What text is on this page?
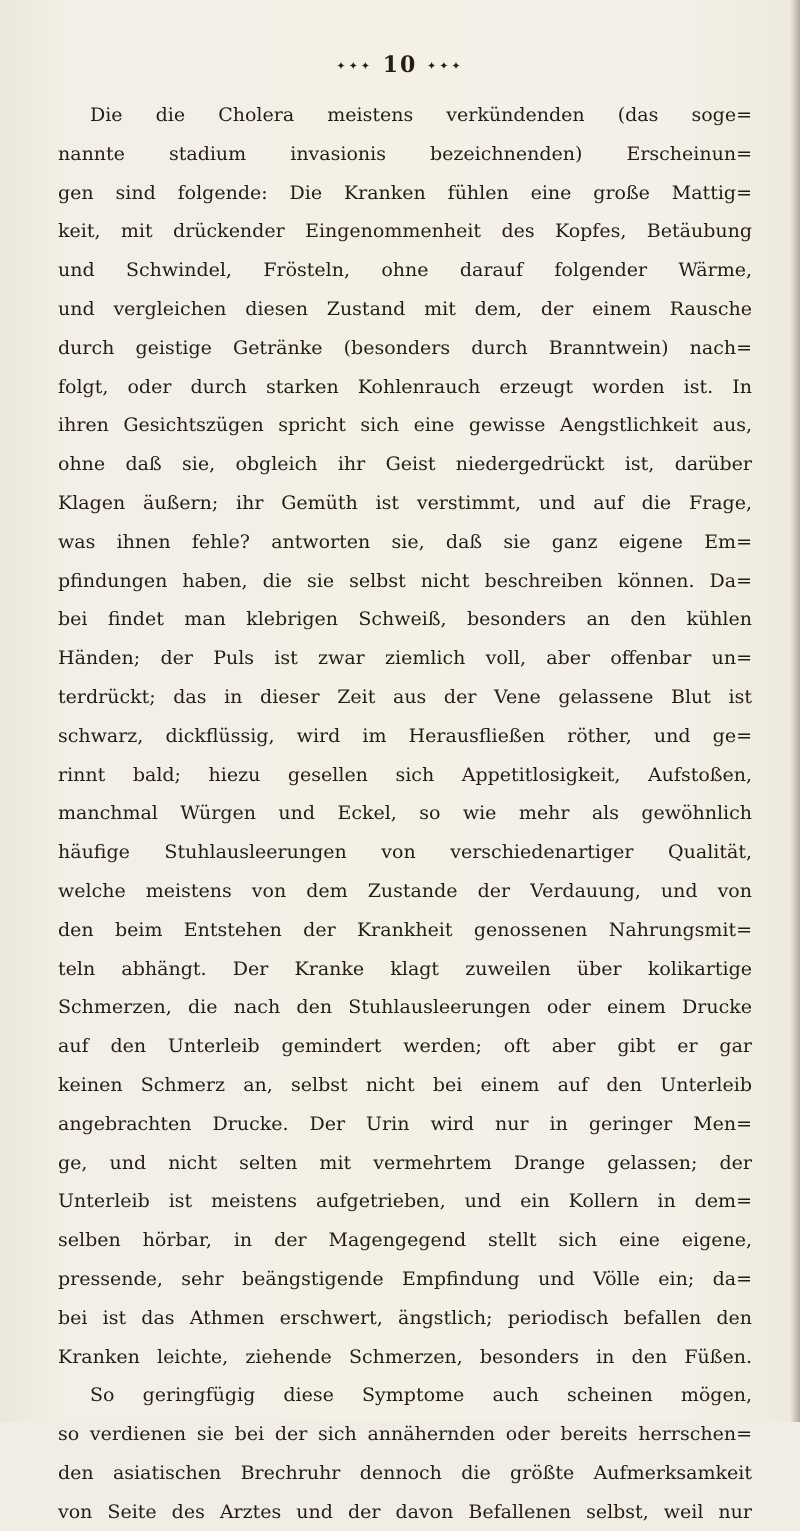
✦✦✦ 10 ✦✦✦
Die die Cholera meistens verkündenden (das soge=
nannte stadium invasionis bezeichnenden) Erscheinun=
gen sind folgende: Die Kranken fühlen eine große Mattig=
keit, mit drückender Eingenommenheit des Kopfes, Betäubung
und Schwindel, Frösteln, ohne darauf folgender Wärme,
und vergleichen diesen Zustand mit dem, der einem Rausche
durch geistige Getränke (besonders durch Branntwein) nach=
folgt, oder durch starken Kohlenrauch erzeugt worden ist. In
ihren Gesichtszügen spricht sich eine gewisse Aengstlichkeit aus,
ohne daß sie, obgleich ihr Geist niedergedrückt ist, darüber
Klagen äußern; ihr Gemüth ist verstimmt, und auf die Frage,
was ihnen fehle? antworten sie, daß sie ganz eigene Em=
pfindungen haben, die sie selbst nicht beschreiben können. Da=
bei findet man klebrigen Schweiß, besonders an den kühlen
Händen; der Puls ist zwar ziemlich voll, aber offenbar un=
terdrückt; das in dieser Zeit aus der Vene gelassene Blut ist
schwarz, dickflüssig, wird im Herausfließen röther, und ge=
rinnt bald; hiezu gesellen sich Appetitlosigkeit, Aufstoßen,
manchmal Würgen und Eckel, so wie mehr als gewöhnlich
häufige Stuhlausleerungen von verschiedenartiger Qualität,
welche meistens von dem Zustande der Verdauung, und von
den beim Entstehen der Krankheit genossenen Nahrungsmit=
teln abhängt. Der Kranke klagt zuweilen über kolikartige
Schmerzen, die nach den Stuhlausleerungen oder einem Drucke
auf den Unterleib gemindert werden; oft aber gibt er gar
keinen Schmerz an, selbst nicht bei einem auf den Unterleib
angebrachten Drucke. Der Urin wird nur in geringer Men=
ge, und nicht selten mit vermehrtem Drange gelassen; der
Unterleib ist meistens aufgetrieben, und ein Kollern in dem=
selben hörbar, in der Magengegend stellt sich eine eigene,
pressende, sehr beängstigende Empfindung und Völle ein; da=
bei ist das Athmen erschwert, ängstlich; periodisch befallen den
Kranken leichte, ziehende Schmerzen, besonders in den Füßen.
So geringfügig diese Symptome auch scheinen mögen,
so verdienen sie bei der sich annähernden oder bereits herrschen=
den asiatischen Brechruhr dennoch die größte Aufmerksamkeit
von Seite des Arztes und der davon Befallenen selbst, weil nur
